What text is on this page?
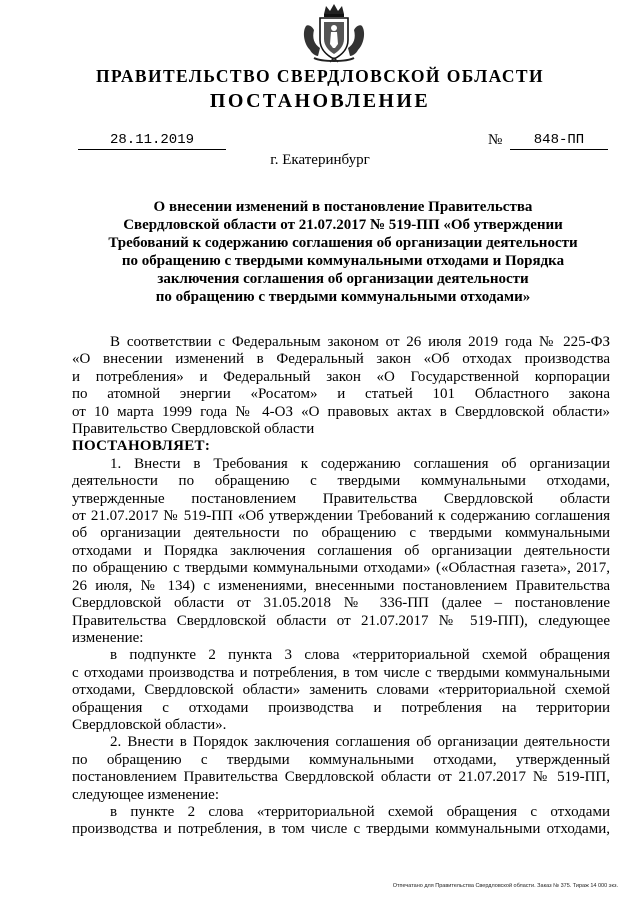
ПРАВИТЕЛЬСТВО СВЕРДЛОВСКОЙ ОБЛАСТИ
ПОСТАНОВЛЕНИЕ
28.11.2019	№	848-ПП
г. Екатеринбург
О внесении изменений в постановление Правительства
Свердловской области от 21.07.2017 № 519-ПП «Об утверждении
Требований к содержанию соглашения об организации деятельности
по обращению с твердыми коммунальными отходами и Порядка
заключения соглашения об организации деятельности
по обращению с твердыми коммунальными отходами»

В соответствии с Федеральным законом от 26 июля 2019 года № 225-ФЗ
«О внесении изменений в Федеральный закон «Об отходах производства
и потребления» и Федеральный закон «О Государственной корпорации
по атомной энергии «Росатом» и статьей 101 Областного закона
от 10 марта 1999 года № 4-ОЗ «О правовых актах в Свердловской области»
Правительство Свердловской области

ПОСТАНОВЛЯЕТ:

1. Внести в Требования к содержанию соглашения об организации
деятельности по обращению с твердыми коммунальными отходами,
утвержденные постановлением Правительства Свердловской области
от 21.07.2017 № 519-ПП «Об утверждении Требований к содержанию соглашения
об организации деятельности по обращению с твердыми коммунальными
отходами и Порядка заключения соглашения об организации деятельности
по обращению с твердыми коммунальными отходами» («Областная газета», 2017,
26 июля, № 134) с изменениями, внесенными постановлением Правительства
Свердловской области от 31.05.2018 № 336-ПП (далее – постановление
Правительства Свердловской области от 21.07.2017 № 519-ПП), следующее
изменение:

в подпункте 2 пункта 3 слова «территориальной схемой обращения
с отходами производства и потребления, в том числе с твердыми коммунальными
отходами, Свердловской области» заменить словами «территориальной схемой
обращения с отходами производства и потребления на территории
Свердловской области».

2. Внести в Порядок заключения соглашения об организации деятельности
по обращению с твердыми коммунальными отходами, утвержденный
постановлением Правительства Свердловской области от 21.07.2017 № 519-ПП,
следующее изменение:

в пункте 2 слова «территориальной схемой обращения с отходами
производства и потребления, в том числе с твердыми коммунальными отходами,

Отпечатано для Правительства Свердловской области. Заказ № 375. Тираж 14 000 экз.
